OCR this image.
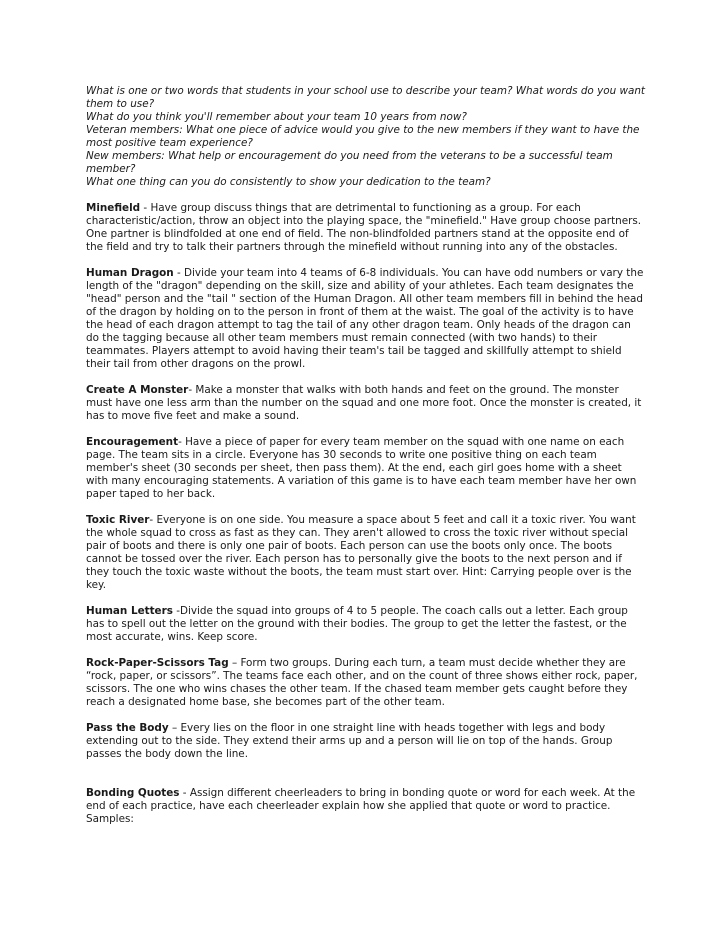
What is one or two words that students in your school use to describe your team? What words do you want them to use?

What do you think you'll remember about your team 10 years from now?

Veteran members: What one piece of advice would you give to the new members if they want to have the most positive team experience?

New members: What help or encouragement do you need from the veterans to be a successful team member?

What one thing can you do consistently to show your dedication to the team?

Minefield - Have group discuss things that are detrimental to functioning as a group. For each characteristic/action, throw an object into the playing space, the "minefield." Have group choose partners. One partner is blindfolded at one end of field. The non-blindfolded partners stand at the opposite end of the field and try to talk their partners through the minefield without running into any of the obstacles.

Human Dragon - Divide your team into 4 teams of 6-8 individuals. You can have odd numbers or vary the length of the "dragon" depending on the skill, size and ability of your athletes. Each team designates the "head" person and the "tail " section of the Human Dragon. All other team members fill in behind the head of the dragon by holding on to the person in front of them at the waist. The goal of the activity is to have the head of each dragon attempt to tag the tail of any other dragon team. Only heads of the dragon can do the tagging because all other team members must remain connected (with two hands) to their teammates. Players attempt to avoid having their team's tail be tagged and skillfully attempt to shield their tail from other dragons on the prowl.

Create A Monster- Make a monster that walks with both hands and feet on the ground. The monster must have one less arm than the number on the squad and one more foot. Once the monster is created, it has to move five feet and make a sound.

Encouragement- Have a piece of paper for every team member on the squad with one name on each page. The team sits in a circle. Everyone has 30 seconds to write one positive thing on each team member's sheet (30 seconds per sheet, then pass them). At the end, each girl goes home with a sheet with many encouraging statements. A variation of this game is to have each team member have her own paper taped to her back.

Toxic River- Everyone is on one side. You measure a space about 5 feet and call it a toxic river. You want the whole squad to cross as fast as they can. They aren't allowed to cross the toxic river without special pair of boots and there is only one pair of boots. Each person can use the boots only once. The boots cannot be tossed over the river. Each person has to personally give the boots to the next person and if they touch the toxic waste without the boots, the team must start over. Hint: Carrying people over is the key.

Human Letters -Divide the squad into groups of 4 to 5 people. The coach calls out a letter. Each group has to spell out the letter on the ground with their bodies. The group to get the letter the fastest, or the most accurate, wins. Keep score.

Rock-Paper-Scissors Tag – Form two groups. During each turn, a team must decide whether they are “rock, paper, or scissors”. The teams face each other, and on the count of three shows either rock, paper, scissors. The one who wins chases the other team. If the chased team member gets caught before they reach a designated home base, she becomes part of the other team.

Pass the Body – Every lies on the floor in one straight line with heads together with legs and body extending out to the side. They extend their arms up and a person will lie on top of the hands. Group passes the body down the line.

Bonding Quotes - Assign different cheerleaders to bring in bonding quote or word for each week. At the end of each practice, have each cheerleader explain how she applied that quote or word to practice.

Samples:
